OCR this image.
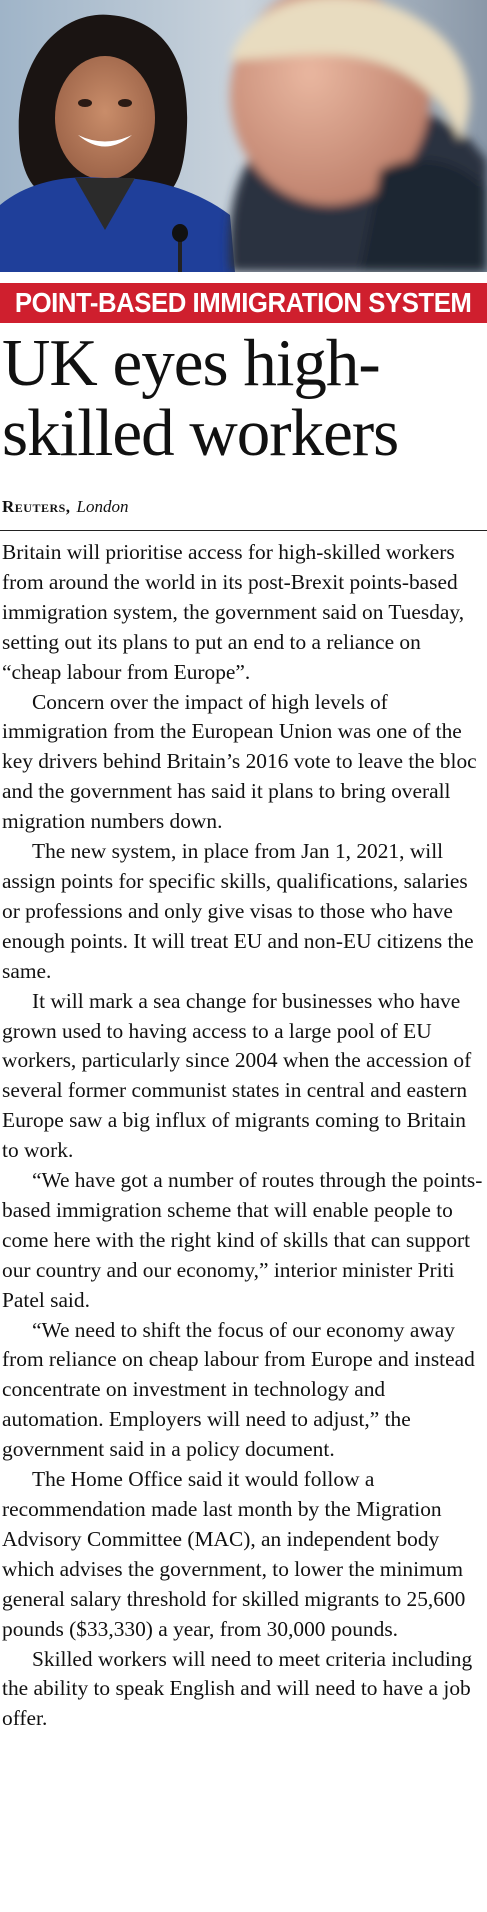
POINT-BASED IMMIGRATION SYSTEM
UK eyes high-skilled workers
Reuters, London

Britain will prioritise access for high-skilled workers from around the world in its post-Brexit points-based immigration system, the government said on Tuesday, setting out its plans to put an end to a reliance on “cheap labour from Europe”.

Concern over the impact of high levels of immigration from the European Union was one of the key drivers behind Britain’s 2016 vote to leave the bloc and the government has said it plans to bring overall migration numbers down.

The new system, in place from Jan 1, 2021, will assign points for specific skills, qualifications, salaries or professions and only give visas to those who have enough points. It will treat EU and non-EU citizens the same.

It will mark a sea change for businesses who have grown used to having access to a large pool of EU workers, particularly since 2004 when the accession of several former communist states in central and eastern Europe saw a big influx of migrants coming to Britain to work.

“We have got a number of routes through the points-based immigration scheme that will enable people to come here with the right kind of skills that can support our country and our economy,” interior minister Priti Patel said.

“We need to shift the focus of our economy away from reliance on cheap labour from Europe and instead concentrate on investment in technology and automation. Employers will need to adjust,” the government said in a policy document.

The Home Office said it would follow a recommendation made last month by the Migration Advisory Committee (MAC), an independent body which advises the government, to lower the minimum general salary threshold for skilled migrants to 25,600 pounds ($33,330) a year, from 30,000 pounds.

Skilled workers will need to meet criteria including the ability to speak English and will need to have a job offer.
